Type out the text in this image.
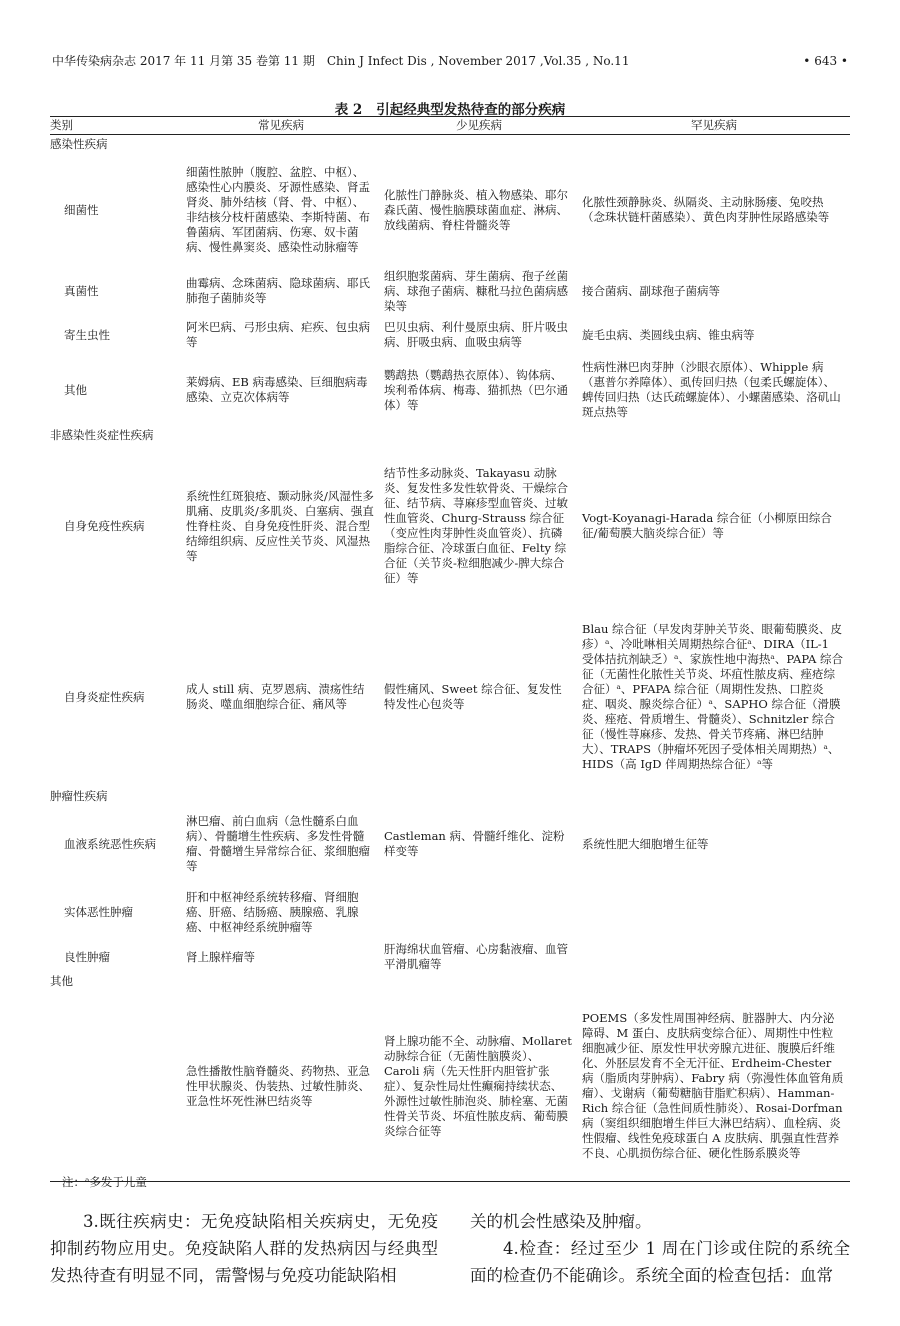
中华传染病杂志 2017 年 11 月第 35 卷第 11 期　Chin J Infect Dis , November 2017 ,Vol.35 , No.11	• 643 •
表 2 引起经典型发热待查的部分疾病
类别	常见疾病	少见疾病	罕见疾病
感染性疾病			
细菌性	细菌性脓肿（腹腔、盆腔、中枢）、感染性心内膜炎、牙源性感染、肾盂肾炎、肺外结核（肾、骨、中枢）、非结核分枝杆菌感染、李斯特菌、布鲁菌病、军团菌病、伤寒、奴卡菌病、慢性鼻窦炎、感染性动脉瘤等	化脓性门静脉炎、植入物感染、耶尔森氏菌、慢性脑膜球菌血症、淋病、放线菌病、脊柱骨髓炎等	化脓性颈静脉炎、纵隔炎、主动脉肠瘘、兔咬热（念珠状链杆菌感染）、黄色肉芽肿性尿路感染等
真菌性	曲霉病、念珠菌病、隐球菌病、耶氏肺孢子菌肺炎等	组织胞浆菌病、芽生菌病、孢子丝菌病、球孢子菌病、糠秕马拉色菌病感染等	接合菌病、副球孢子菌病等
寄生虫性	阿米巴病、弓形虫病、疟疾、包虫病等	巴贝虫病、利什曼原虫病、肝片吸虫病、肝吸虫病、血吸虫病等	旋毛虫病、类圆线虫病、锥虫病等
其他	莱姆病、EB 病毒感染、巨细胞病毒感染、立克次体病等	鹦鹉热（鹦鹉热衣原体）、钩体病、埃利希体病、梅毒、猫抓热（巴尔通体）等	性病性淋巴肉芽肿（沙眼衣原体）、Whipple 病（惠普尔养障体）、虱传回归热（包柔氏螺旋体）、蜱传回归热（达氏疏螺旋体）、小螺菌感染、洛矶山斑点热等
非感染性炎症性疾病			
自身免疫性疾病	系统性红斑狼疮、颞动脉炎/风湿性多肌痛、皮肌炎/多肌炎、白塞病、强直性脊柱炎、自身免疫性肝炎、混合型结缔组织病、反应性关节炎、风湿热等	结节性多动脉炎、Takayasu 动脉炎、复发性多发性软骨炎、干燥综合征、结节病、荨麻疹型血管炎、过敏性血管炎、Churg-Strauss 综合征（变应性肉芽肿性炎血管炎）、抗磷脂综合征、冷球蛋白血征、Felty 综合征（关节炎-粒细胞减少-脾大综合征）等	Vogt-Koyanagi-Harada 综合征（小柳原田综合征/葡萄膜大脑炎综合征）等
自身炎症性疾病	成人 still 病、克罗恩病、溃疡性结肠炎、噬血细胞综合征、痛风等	假性痛风、Sweet 综合征、复发性特发性心包炎等	Blau 综合征（早发肉芽肿关节炎、眼葡萄膜炎、皮疹）ᵃ、冷吡啉相关周期热综合征ᵃ、DIRA（IL-1 受体拮抗剂缺乏）ᵃ、家族性地中海热ᵃ、PAPA 综合征（无菌性化脓性关节炎、坏疽性脓皮病、痤疮综合征）ᵃ、PFAPA 综合征（周期性发热、口腔炎症、咽炎、腺炎综合征）ᵃ、SAPHO 综合征（滑膜炎、痤疮、骨质增生、骨髓炎）、Schnitzler 综合征（慢性荨麻疹、发热、骨关节疼痛、淋巴结肿大）、TRAPS（肿瘤坏死因子受体相关周期热）ᵃ、HIDS（高 IgD 伴周期热综合征）ᵃ等
肿瘤性疾病			
血液系统恶性疾病	淋巴瘤、前白血病（急性髓系白血病）、骨髓增生性疾病、多发性骨髓瘤、骨髓增生异常综合征、浆细胞瘤等	Castleman 病、骨髓纤维化、淀粉样变等	系统性肥大细胞增生征等
实体恶性肿瘤	肝和中枢神经系统转移瘤、肾细胞癌、肝癌、结肠癌、胰腺癌、乳腺癌、中枢神经系统肿瘤等		
良性肿瘤	肾上腺样瘤等	肝海绵状血管瘤、心房黏液瘤、血管平滑肌瘤等	
其他			
	急性播散性脑脊髓炎、药物热、亚急性甲状腺炎、伪装热、过敏性肺炎、亚急性坏死性淋巴结炎等	肾上腺功能不全、动脉瘤、Mollaret动脉综合征（无菌性脑膜炎）、Caroli 病（先天性肝内胆管扩张症）、复杂性局灶性癫痫持续状态、外源性过敏性肺泡炎、肺栓塞、无菌性骨关节炎、坏疽性脓皮病、葡萄膜炎综合征等	POEMS（多发性周围神经病、脏器肿大、内分泌障碍、M 蛋白、皮肤病变综合征）、周期性中性粒细胞减少征、原发性甲状旁腺亢进征、腹膜后纤维化、外胚层发育不全无汗征、Erdheim-Chester 病（脂质肉芽肿病）、Fabry 病（弥漫性体血管角质瘤）、戈谢病（葡萄糖脑苷脂贮积病）、Hamman-Rich 综合征（急性间质性肺炎）、Rosai-Dorfman 病（窦组织细胞增生伴巨大淋巴结病）、血栓病、炎性假瘤、线性免疫球蛋白 A 皮肤病、肌强直性营养不良、心肌损伤综合征、硬化性肠系膜炎等
注：ᵃ多发于儿童
3.既往疾病史：无免疫缺陷相关疾病史，无免疫抑制药物应用史。免疫缺陷人群的发热病因与经典型发热待查有明显不同，需警惕与免疫功能缺陷相
关的机会性感染及肿瘤。
4.检查：经过至少 1 周在门诊或住院的系统全面的检查仍不能确诊。系统全面的检查包括：血常
